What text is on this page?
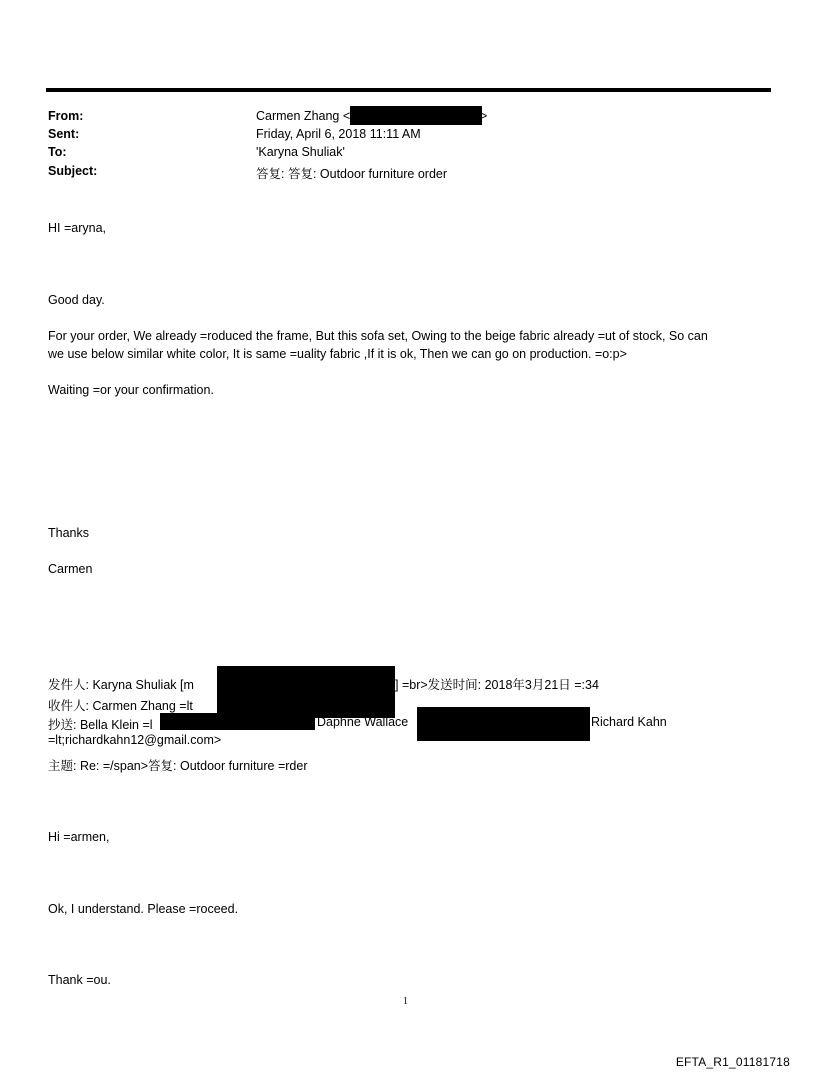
From:	Carmen Zhang <	>
Sent:	Friday, April 6, 2018 11:11 AM
To:	'Karyna Shuliak'
Subject:	答复: 答复: Outdoor furniture order
HI =aryna,
Good day.
For your order, We already =roduced the frame, But this sofa set, Owing to the beige fabric already =ut of stock, So can
we use below similar white color, It is same =uality fabric ,If it is ok, Then we can go on production. =o:p>
Waiting =or your confirmation.
Thanks
Carmen
发件人: Karyna Shuliak [m	] =br>发送时间: 2018年3月21日 =:34
收件人: Carmen Zhang =lt
抄送: Bella Klein =l	Daphne Wallace	Richard Kahn
=lt;richardkahn12@gmail.com>
主题: Re: =/span>答复: Outdoor furniture =rder
Hi =armen,
Ok, I understand. Please =roceed.
Thank =ou.
1
EFTA_R1_01181718
